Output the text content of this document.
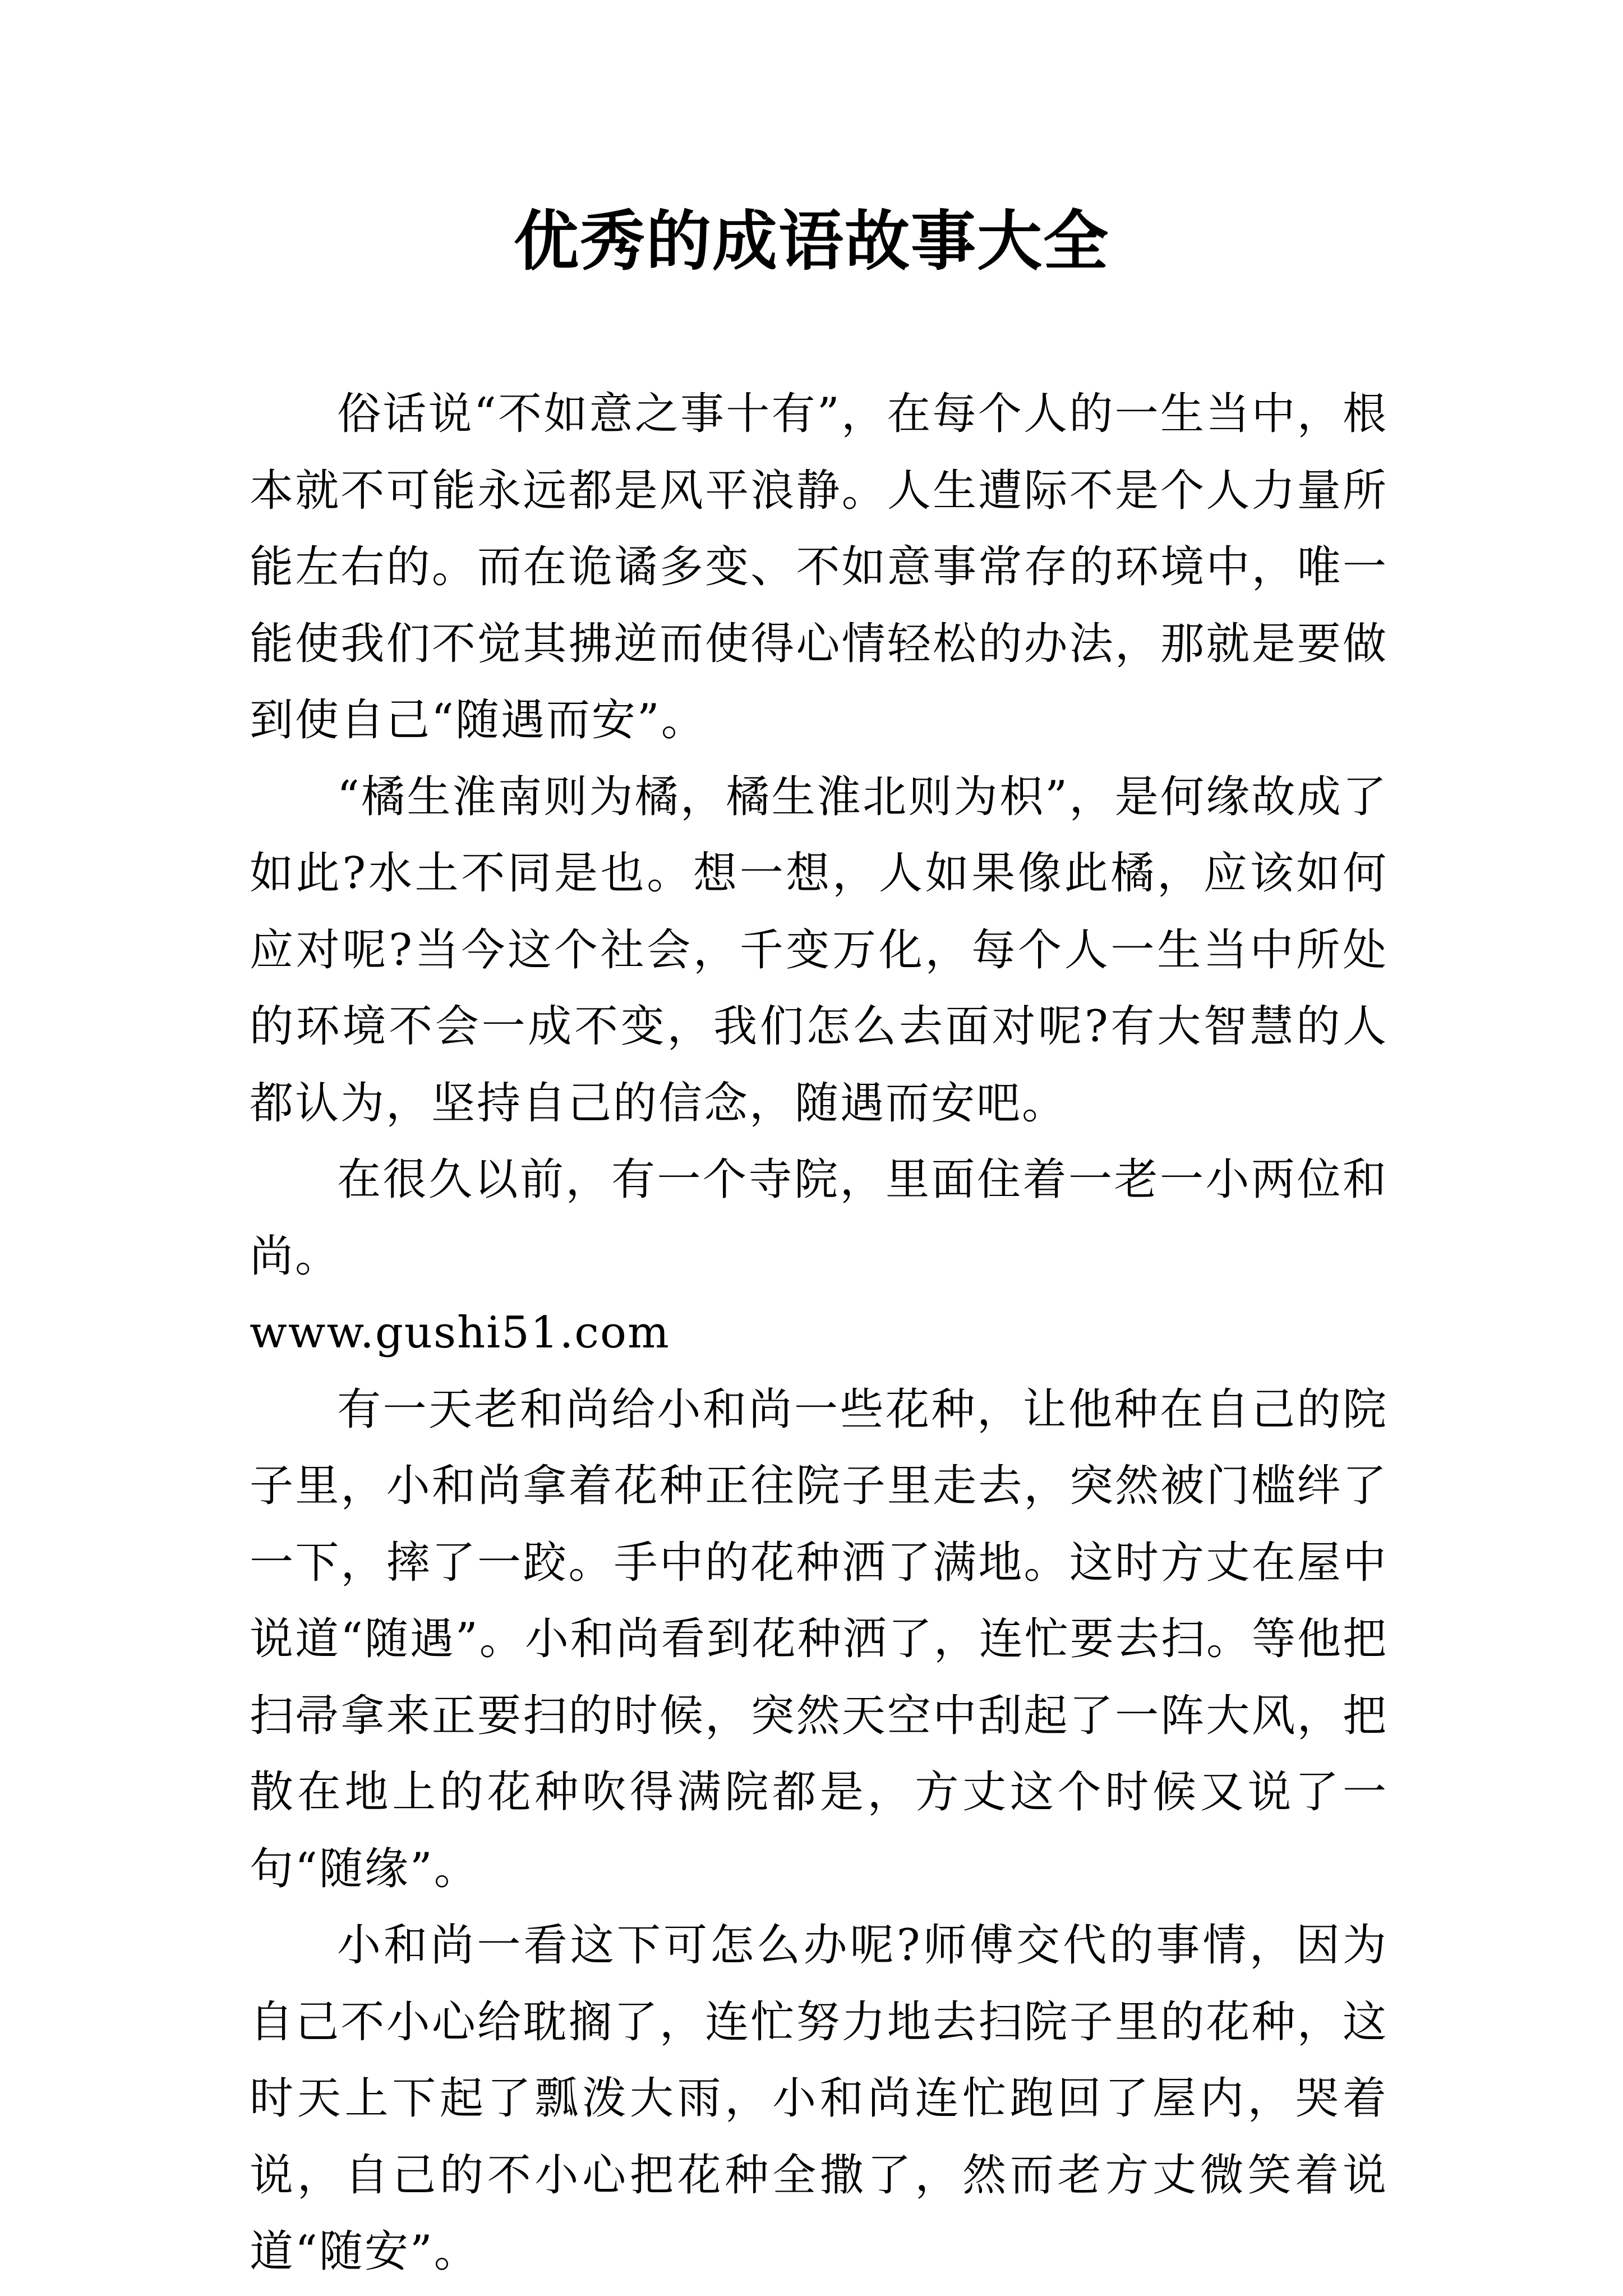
优秀的成语故事大全

俗话说“不如意之事十有”，在每个人的一生当中，根本就不可能永远都是风平浪静。人生遭际不是个人力量所能左右的。而在诡谲多变、不如意事常存的环境中，唯一能使我们不觉其拂逆而使得心情轻松的办法，那就是要做到使自己“随遇而安”。

“橘生淮南则为橘，橘生淮北则为枳”，是何缘故成了如此?水土不同是也。想一想，人如果像此橘，应该如何应对呢?当今这个社会，千变万化，每个人一生当中所处的环境不会一成不变，我们怎么去面对呢?有大智慧的人都认为，坚持自己的信念，随遇而安吧。

在很久以前，有一个寺院，里面住着一老一小两位和尚。

www.gushi51.com

有一天老和尚给小和尚一些花种，让他种在自己的院子里，小和尚拿着花种正往院子里走去，突然被门槛绊了一下，摔了一跤。手中的花种洒了满地。这时方丈在屋中说道“随遇”。小和尚看到花种洒了，连忙要去扫。等他把扫帚拿来正要扫的时候，突然天空中刮起了一阵大风，把散在地上的花种吹得满院都是，方丈这个时候又说了一句“随缘”。

小和尚一看这下可怎么办呢?师傅交代的事情，因为自己不小心给耽搁了，连忙努力地去扫院子里的花种，这时天上下起了瓢泼大雨，小和尚连忙跑回了屋内，哭着说，自己的不小心把花种全撒了，然而老方丈微笑着说道“随安”。
